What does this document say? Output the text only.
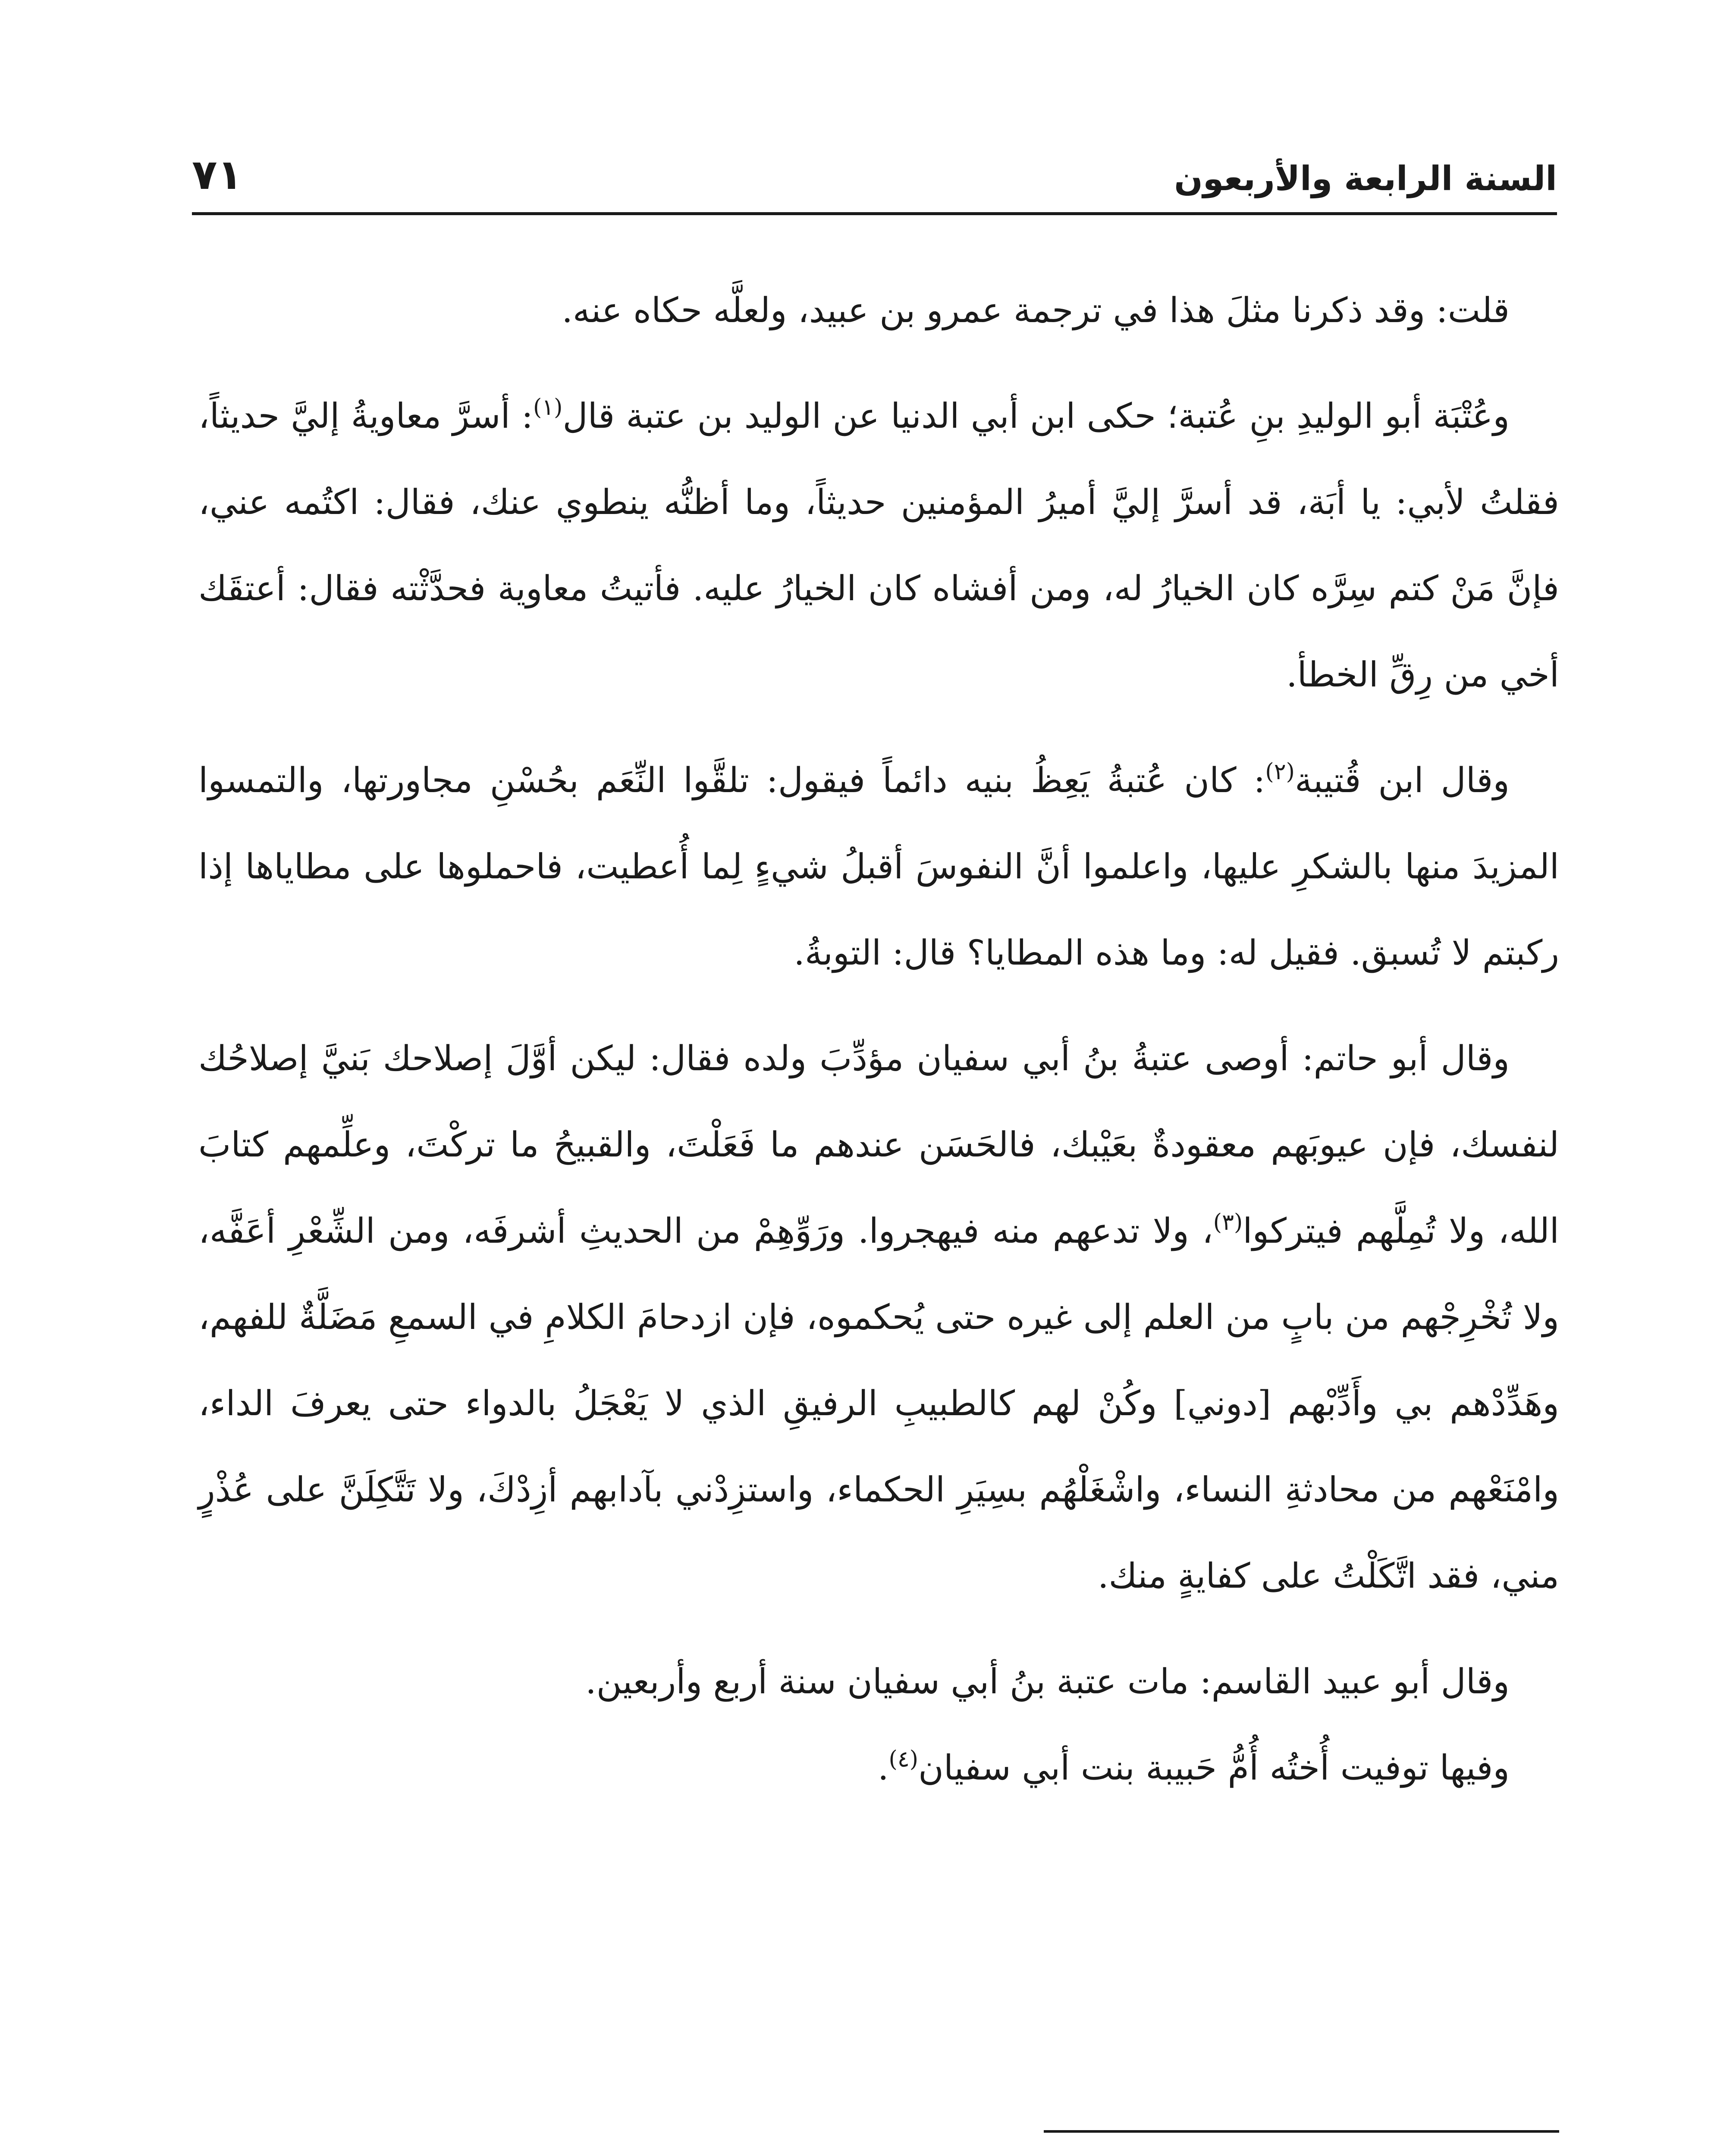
السنة الرابعة والأربعون
٧١

قلت: وقد ذكرنا مثلَ هذا في ترجمة عمرو بن عبيد، ولعلَّه حكاه عنه.

وعُتْبَة أبو الوليدِ بنِ عُتبة؛ حكى ابن أبي الدنيا عن الوليد بن عتبة قال$^{(١)}$: أسرَّ معاويةُ إليَّ حديثاً، فقلتُ لأبي: يا أبَة، قد أسرَّ إليَّ أميرُ المؤمنين حديثاً، وما أظنُّه ينطوي عنك، فقال: اكتُمه عني، فإنَّ مَنْ كتم سِرَّه كان الخيارُ له، ومن أفشاه كان الخيارُ عليه. فأتيتُ معاوية فحدَّثْته فقال: أعتقَك أخي من رِقِّ الخطأ.

وقال ابن قُتيبة$^{(٢)}$: كان عُتبةُ يَعِظُ بنيه دائماً فيقول: تلقَّوا النِّعَم بحُسْنِ مجاورتها، والتمسوا المزيدَ منها بالشكرِ عليها، واعلموا أنَّ النفوسَ أقبلُ شيءٍ لِما أُعطيت، فاحملوها على مطاياها إذا ركبتم لا تُسبق. فقيل له: وما هذه المطايا؟ قال: التوبةُ.

وقال أبو حاتم: أوصى عتبةُ بنُ أبي سفيان مؤدِّبَ ولده فقال: ليكن أوَّلَ إصلاحك بَنيَّ إصلاحُك لنفسك، فإن عيوبَهم معقودةٌ بعَيْبك، فالحَسَن عندهم ما فَعَلْتَ، والقبيحُ ما تركْتَ، وعلِّمهم كتابَ الله، ولا تُمِلَّهم فيتركوا$^{(٣)}$، ولا تدعهم منه فيهجروا. ورَوِّهِمْ من الحديثِ أشرفَه، ومن الشِّعْرِ أعَفَّه، ولا تُخْرِجْهم من بابٍ من العلم إلى غيره حتى يُحكموه، فإن ازدحامَ الكلامِ في السمعِ مَضَلَّةٌ للفهم، وهَدِّدْهم بي وأَدِّبْهم [دوني] وكُنْ لهم كالطبيبِ الرفيقِ الذي لا يَعْجَلُ بالدواء حتى يعرفَ الداء، وامْنَعْهم من محادثةِ النساء، واشْغَلْهُم بسِيَرِ الحكماء، واستزِدْني بآدابهم أزِدْكَ، ولا تَتَّكِلَنَّ على عُذْرٍ مني، فقد اتَّكَلْتُ على كفايةٍ منك.

وقال أبو عبيد القاسم: مات عتبة بنُ أبي سفيان سنة أربع وأربعين.

وفيها توفيت أُختُه أُمُّ حَبيبة بنت أبي سفيان$^{(٤)}$.
